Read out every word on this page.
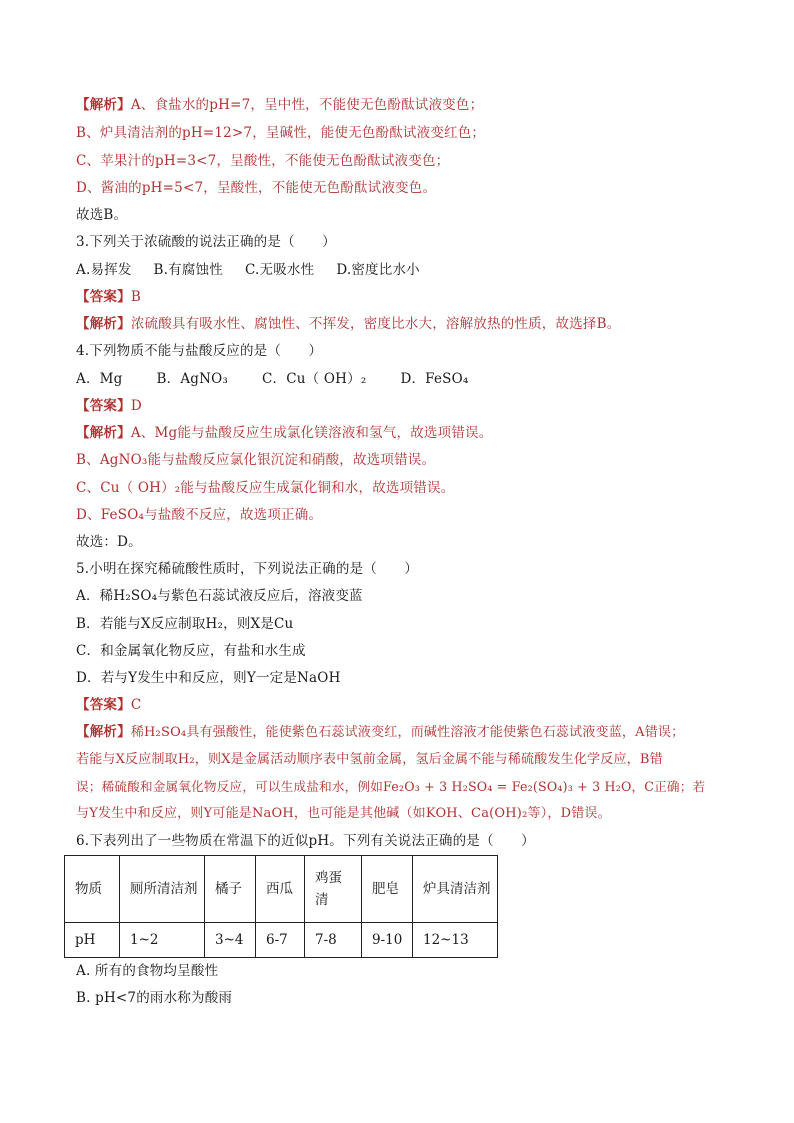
【解析】A、食盐水的pH=7，呈中性，不能使无色酚酞试液变色；
B、炉具清洁剂的pH=12>7，呈碱性，能使无色酚酞试液变红色；
C、苹果汁的pH=3<7，呈酸性，不能使无色酚酞试液变色；
D、酱油的pH=5<7，呈酸性，不能使无色酚酞试液变色。
故选B。
3.下列关于浓硫酸的说法正确的是（　　）
A.易挥发 B.有腐蚀性 C.无吸水性 D.密度比水小
【答案】B
【解析】浓硫酸具有吸水性、腐蚀性、不挥发，密度比水大，溶解放热的性质，故选择B。
4.下列物质不能与盐酸反应的是（　　）
A．Mg	B．AgNO₃	C．Cu（ OH）₂	D．FeSO₄
【答案】D
【解析】A、Mg能与盐酸反应生成氯化镁溶液和氢气，故选项错误。
B、AgNO₃能与盐酸反应氯化银沉淀和硝酸，故选项错误。
C、Cu（ OH）₂能与盐酸反应生成氯化铜和水，故选项错误。
D、FeSO₄与盐酸不反应，故选项正确。
故选：D。
5.小明在探究稀硫酸性质时，下列说法正确的是（　　）
A．稀H₂SO₄与紫色石蕊试液反应后，溶液变蓝
B．若能与X反应制取H₂，则X是Cu
C．和金属氧化物反应，有盐和水生成
D．若与Y发生中和反应，则Y一定是NaOH
【答案】C
【解析】稀H₂SO₄具有强酸性，能使紫色石蕊试液变红，而碱性溶液才能使紫色石蕊试液变蓝，A错误；
若能与X反应制取H₂，则X是金属活动顺序表中氢前金属，氢后金属不能与稀硫酸发生化学反应，B错
误；稀硫酸和金属氧化物反应，可以生成盐和水，例如Fe₂O₃ + 3 H₂SO₄ = Fe₂(SO₄)₃ + 3 H₂O，C正确；若
与Y发生中和反应，则Y可能是NaOH，也可能是其他碱（如KOH、Ca(OH)₂等），D错误。
6.下表列出了一些物质在常温下的近似pH。下列有关说法正确的是（　　）
物质	厕所清洁剂	橘子	西瓜	鸡蛋清	肥皂	炉具清洁剂
pH	1~2	3~4	6-7	7-8	9-10	12~13
A. 所有的食物均呈酸性
B. pH<7的雨水称为酸雨
